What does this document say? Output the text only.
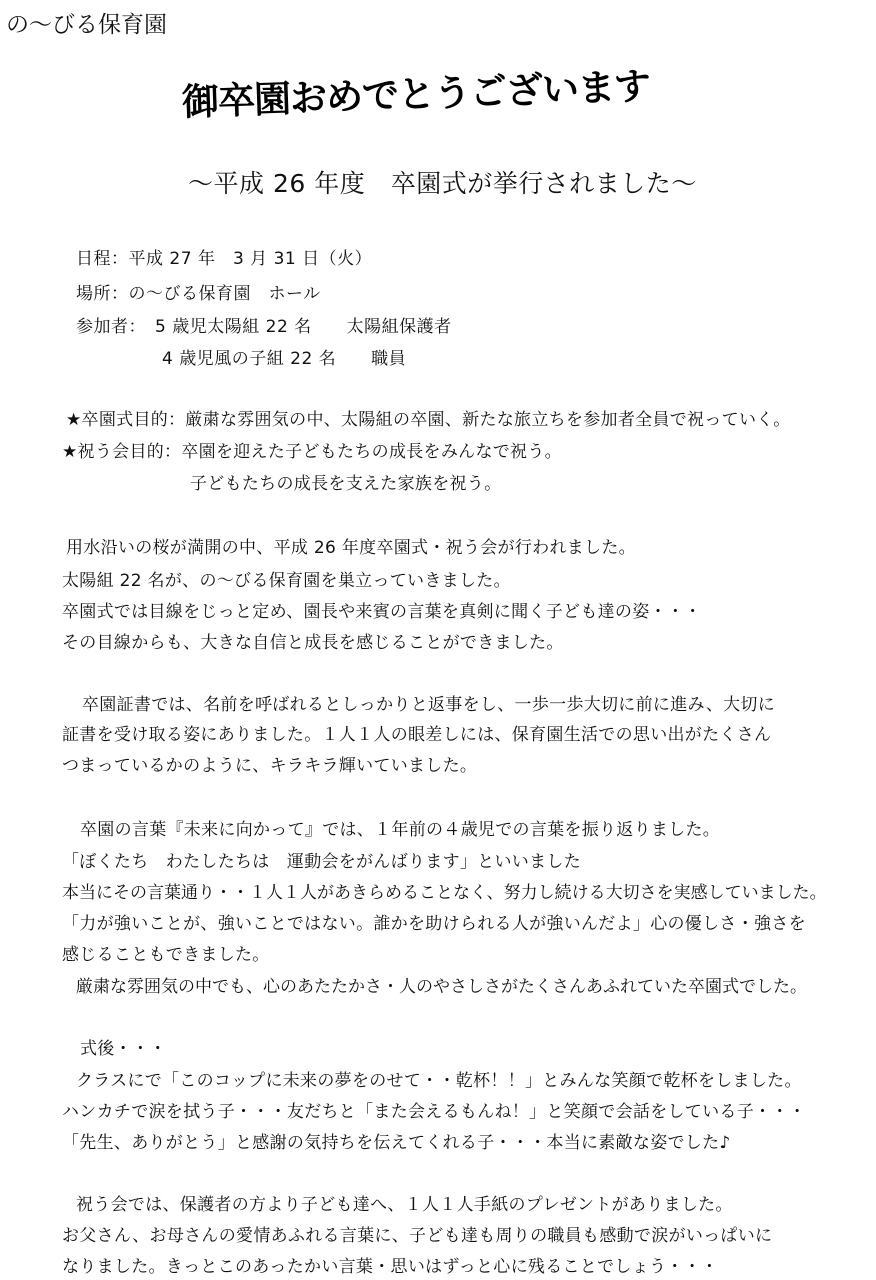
の〜びる保育園
御卒園おめでとうございます
〜平成 26 年度　卒園式が挙行されました〜
日程：平成 27 年　3 月 31 日（火）
場所：の〜びる保育園　ホール
参加者：　5 歳児太陽組 22 名　　太陽組保護者
4 歳児風の子組 22 名　　職員
★卒園式目的：厳粛な雰囲気の中、太陽組の卒園、新たな旅立ちを参加者全員で祝っていく。
★祝う会目的：卒園を迎えた子どもたちの成長をみんなで祝う。
子どもたちの成長を支えた家族を祝う。
用水沿いの桜が満開の中、平成 26 年度卒園式・祝う会が行われました。
太陽組 22 名が、の〜びる保育園を巣立っていきました。
卒園式では目線をじっと定め、園長や来賓の言葉を真剣に聞く子ども達の姿・・・
その目線からも、大きな自信と成長を感じることができました。
卒園証書では、名前を呼ばれるとしっかりと返事をし、一歩一歩大切に前に進み、大切に
証書を受け取る姿にありました。１人１人の眼差しには、保育園生活での思い出がたくさん
つまっているかのように、キラキラ輝いていました。
卒園の言葉『未来に向かって』では、１年前の４歳児での言葉を振り返りました。
「ぼくたち　わたしたちは　運動会をがんばります」といいました
本当にその言葉通り・・１人１人があきらめることなく、努力し続ける大切さを実感していました。
「力が強いことが、強いことではない。誰かを助けられる人が強いんだよ」心の優しさ・強さを
感じることもできました。
厳粛な雰囲気の中でも、心のあたたかさ・人のやさしさがたくさんあふれていた卒園式でした。
式後・・・
クラスにで「このコップに未来の夢をのせて・・乾杯！！」とみんな笑顔で乾杯をしました。
ハンカチで涙を拭う子・・・友だちと「また会えるもんね！」と笑顔で会話をしている子・・・
「先生、ありがとう」と感謝の気持ちを伝えてくれる子・・・本当に素敵な姿でした♪
祝う会では、保護者の方より子ども達へ、１人１人手紙のプレゼントがありました。
お父さん、お母さんの愛情あふれる言葉に、子ども達も周りの職員も感動で涙がいっぱいに
なりました。きっとこのあったかい言葉・思いはずっと心に残ることでしょう・・・
